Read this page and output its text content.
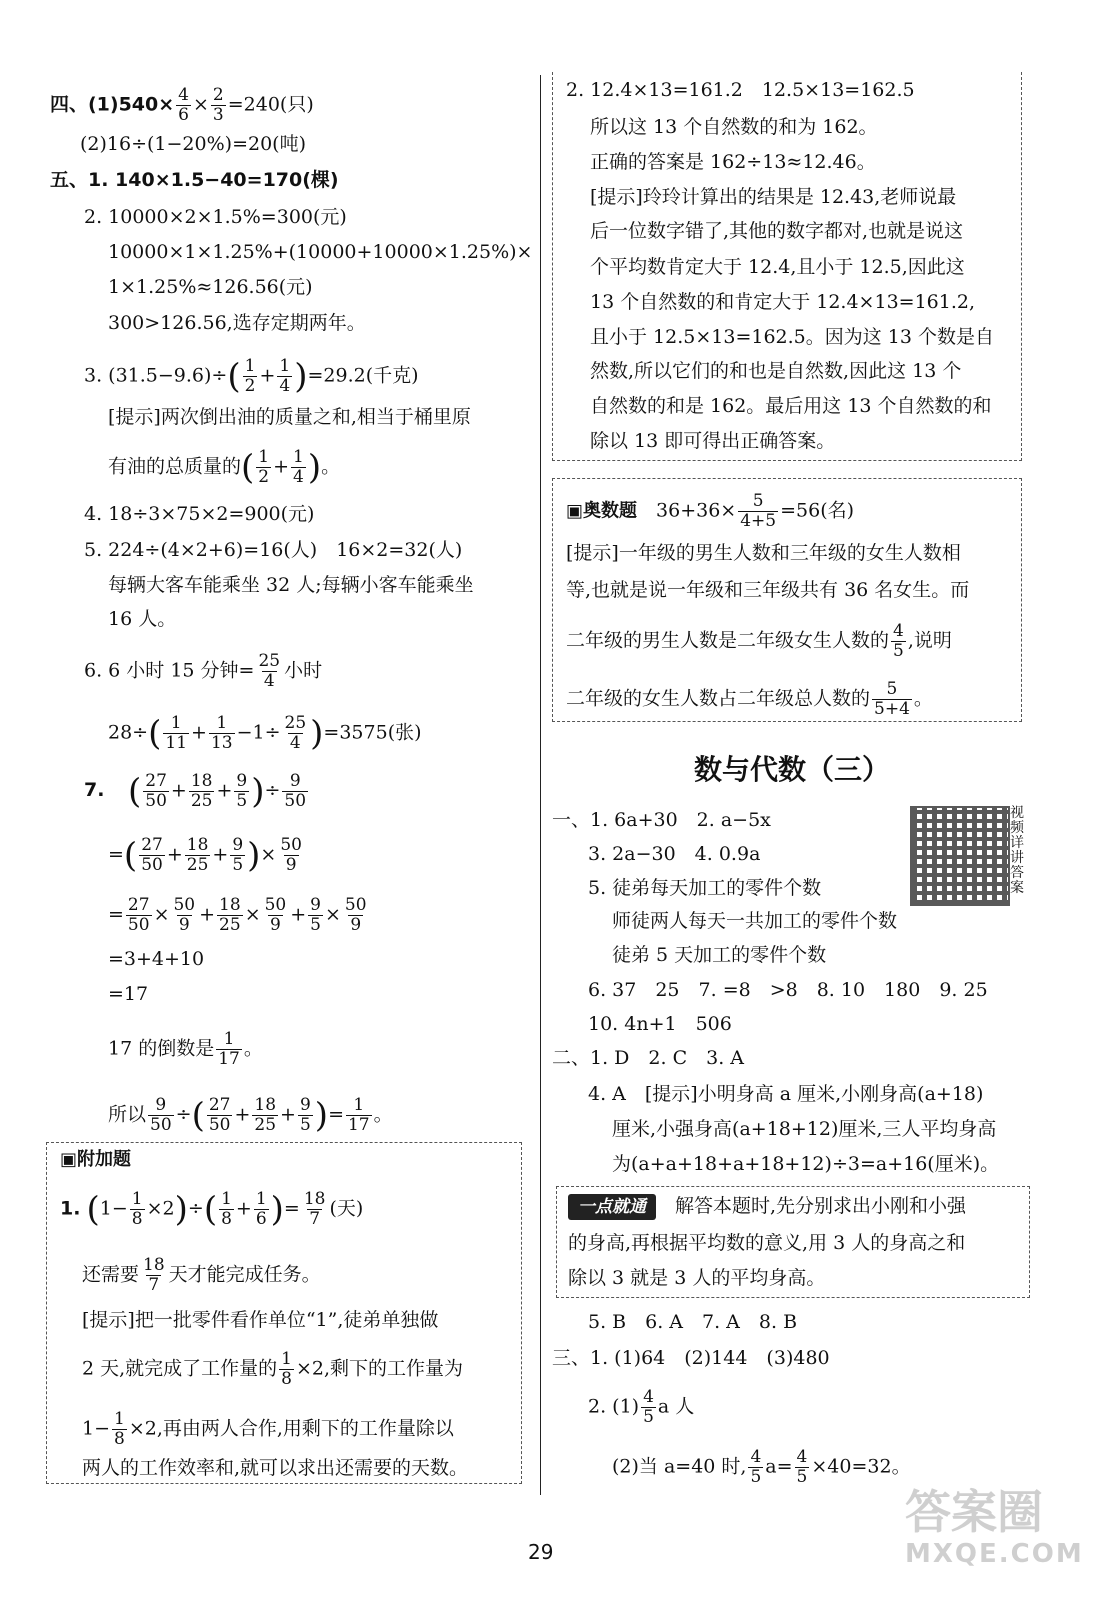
四、$(1)540\times \frac{4}{6} \times \frac{2}{3} =240$(只)
(2)16÷(1−20%)=20(吨)
五、1. 140×1.5−40=170(棵)
2. 10000×2×1.5%=300(元)
10000×1×1.25%+(10000+10000×1.25%)×
1×1.25%≈126.56(元)
300>126.56,选存定期两年。
3. $(31.5-9.6)\div( \frac{1}{2} + \frac{1}{4} )=29.2$(千克)
[提示]两次倒出油的质量之和,相当于桶里原
有油的总质量的( $\frac{1}{2} + \frac{1}{4}$ )。
4. 18÷3×75×2=900(元)
5. 224÷(4×2+6)=16(人)　16×2=32(人)
每辆大客车能乘坐 32 人;每辆小客车能乘坐
16 人。
6. 6 小时 15 分钟= $\frac{25}{4}$ 小时
$28\div( \frac{1}{11} + \frac{1}{13} -1\div \frac{25}{4} )=3575$(张)
7. ( $\frac{27}{50} + \frac{18}{25} + \frac{9}{5}$ )÷ $\frac{9}{50}$
=( $\frac{27}{50} + \frac{18}{25} + \frac{9}{5}$ )× $\frac{50}{9}$
= $\frac{27}{50} \times \frac{50}{9} + \frac{18}{25} \times \frac{50}{9} + \frac{9}{5} \times \frac{50}{9}$
=3+4+10
=17
17 的倒数是 $\frac{1}{17}$ 。
所以 $\frac{9}{50}$ ÷( $\frac{27}{50} + \frac{18}{25} + \frac{9}{5}$ )= $\frac{1}{17}$ 。
▣附加题
1. $(1- \frac{1}{8} \times 2)\div( \frac{1}{8} + \frac{1}{6}$ )= $\frac{18}{7}$ (天)
还需要 $\frac{18}{7}$ 天才能完成任务。
[提示]把一批零件看作单位“1”,徒弟单独做
2 天,就完成了工作量的 $\frac{1}{8} \times 2$,剩下的工作量为
$1- \frac{1}{8} \times 2$,再由两人合作,用剩下的工作量除以
两人的工作效率和,就可以求出还需要的天数。
2. 12.4×13=161.2　12.5×13=162.5
所以这 13 个自然数的和为 162。
正确的答案是 162÷13≈12.46。
[提示]玲玲计算出的结果是 12.43,老师说最
后一位数字错了,其他的数字都对,也就是说这
个平均数肯定大于 12.4,且小于 12.5,因此这
13 个自然数的和肯定大于 12.4×13=161.2,
且小于 12.5×13=162.5。因为这 13 个数是自
然数,所以它们的和也是自然数,因此这 13 个
自然数的和是 162。最后用这 13 个自然数的和
除以 13 即可得出正确答案。
▣奥数题　 $36+36\times \frac{5}{4+5} =56$(名)
[提示]一年级的男生人数和三年级的女生人数相
等,也就是说一年级和三年级共有 36 名女生。而
二年级的男生人数是二年级女生人数的 $\frac{4}{5}$ ,说明
二年级的女生人数占二年级总人数的 $\frac{5}{5+4}$ 。
数与代数（三）
视频详讲答案
一、1. 6a+30　2. a−5x
3. 2a−30　4. 0.9a
5. 徒弟每天加工的零件个数
师徒两人每天一共加工的零件个数
徒弟 5 天加工的零件个数
6. 37　25　7. =8　>8　8. 10　180　9. 25
10. 4n+1　506
二、1. D　2. C　3. A
4. A　[提示]小明身高 a 厘米,小刚身高(a+18)
厘米,小强身高(a+18+12)厘米,三人平均身高
为(a+a+18+a+18+12)÷3=a+16(厘米)。
一点就通　 解答本题时,先分别求出小刚和小强
的身高,再根据平均数的意义,用 3 人的身高之和
除以 3 就是 3 人的平均身高。
5. B　6. A　7. A　8. B
三、1. (1)64　(2)144　(3)480
2. $(1) \frac{4}{5}$ a 人
(2)当 a=40 时, $\frac{4}{5} a= \frac{4}{5} \times 40=32$。
29
答案圈
MXQE.COM
